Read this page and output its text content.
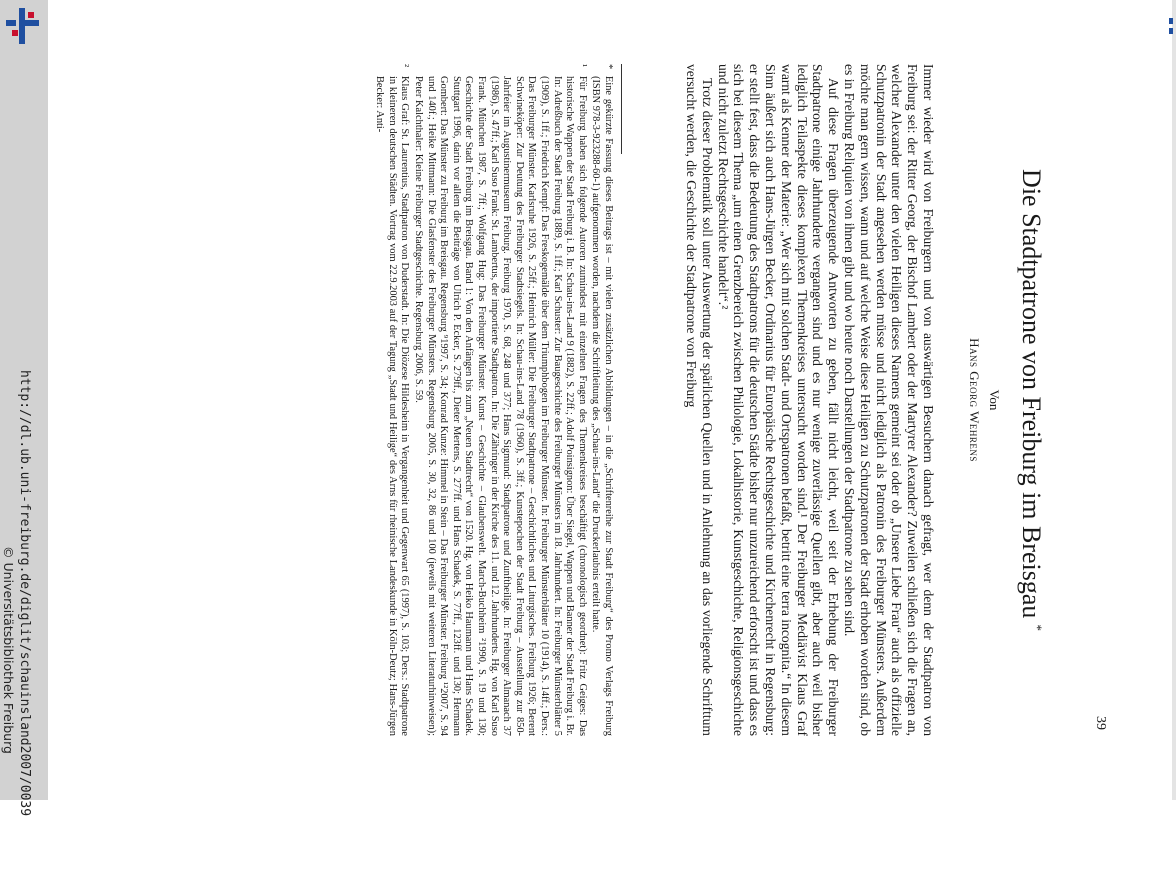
http://dl.ub.uni-freiburg.de/diglit/schauinsland2007/0039
© Universitätsbibliothek Freiburg	39
Die Stadtpatrone von Freiburg im Breisgau*
Von
Hans Georg Wehrens

Immer wieder wird von Freiburgern und von auswärtigen Besuchern danach gefragt, wer denn der Stadtpatron von Freiburg sei: der Ritter Georg, der Bischof Lambert oder der Martyrer Alexander? Zuweilen schließen sich die Fragen an, welcher Alexander unter den vielen Heiligen dieses Namens gemeint sei oder ob „Unsere Liebe Frau“ auch als offizielle Schutzpatronin der Stadt angesehen werden müsse und nicht lediglich als Patronin des Freiburger Münsters. Außerdem möchte man gern wissen, wann und auf welche Weise diese Heiligen zu Schutzpatronen der Stadt erhoben worden sind, ob es in Freiburg Reliquien von ihnen gibt und wo heute noch Darstellungen der Stadtpatrone zu sehen sind.

Auf diese Fragen überzeugende Antworten zu geben, fällt nicht leicht, weil seit der Erhebung der Freiburger Stadtpatrone einige Jahrhunderte vergangen sind und es nur wenige zuverlässige Quellen gibt, aber auch weil bisher lediglich Teilaspekte dieses komplexen Themenkreises untersucht worden sind.¹ Der Freiburger Mediävist Klaus Graf warnt als Kenner der Materie: „Wer sich mit solchen Stadt- und Ortspatronen befaßt, betritt eine terra incognita.“ In diesem Sinn äußert sich auch Hans-Jürgen Becker, Ordinarius für Europäische Rechtsgeschichte und Kirchenrecht in Regensburg: er stellt fest, dass die Bedeutung des Stadtpatrons für die deutschen Städte bisher nur unzureichend erforscht ist und dass es sich bei diesem Thema „um einen Grenzbereich zwischen Philologie, Lokalhistorie, Kunstgeschichte, Religionsgeschichte und nicht zuletzt Rechtsgeschichte handelt“.²

Trotz dieser Problematik soll unter Auswertung der spärlichen Quellen und in Anlehnung an das vorliegende Schrifttum versucht werden, die Geschichte der Stadtpatrone von Freiburg

*Eine gekürzte Fassung dieses Beitrags ist – mit vielen zusätzlichen Abbildungen – in die „Schriftenreihe zur Stadt Freiburg“ des Promo Verlags Freiburg (ISBN 978-3-923288-60-1) aufgenommen worden, nachdem die Schriftleitung des „Schau-ins-Land“ die Druckerlaubnis erteilt hatte.

¹Für Freiburg haben sich folgende Autoren zumindest mit einzelnen Fragen des Themenkreises beschäftigt (chronologisch geordnet): Fritz Geiges: Das historische Wappen der Stadt Freiburg i. B. In: Schau-ins-Land 9 (1882), S. 22ff.; Adolf Poinsignon: Über Siegel, Wappen und Banner der Stadt Freiburg i. Br. In: Adreßbuch der Stadt Freiburg 1889, S. 1ff.; Karl Schuster: Zur Baugeschichte des Freiburger Münsters im 18. Jahrhundert. In: Freiburger Münsterblätter 5 (1909), S. 1ff.; Friedrich Kempf: Das Freskogemälde über dem Triumphbogen im Freiburger Münster. In: Freiburger Münsterblätter 10 (1914), S. 14ff.; Ders.: Das Freiburger Münster. Karlsruhe 1926, S. 25ff.; Heinrich Müller: Die Freiburger Stadtpatrone – Geschichtliches und Liturgisches. Freiburg 1926; Berent Schwineköper: Zur Deutung des Freiburger Stadtsiegels. In: Schau-ins-Land 78 (1960), S. 3ff.; Kunstepochen der Stadt Freiburg – Ausstellung zur 850-Jahrfeier im Augustinermuseum Freiburg. Freiburg 1970, S. 68, 248 und 377; Hans Sigmund: Stadtpatrone und Zunftheilige. In: Freiburger Almanach 37 (1986), S. 47ff.; Karl Suso Frank: St. Lambertus, der importierte Stadtpatron. In: Die Zähringer in der Kirche des 11. und 12. Jahrhunderts. Hg. von Karl Suso Frank. München 1987, S. 7ff.; Wolfgang Hug: Das Freiburger Münster. Kunst – Geschichte – Glaubenswelt. March-Buchheim ²1990, S. 19 und 130; Geschichte der Stadt Freiburg im Breisgau. Band 1: Von den Anfängen bis zum „Neuen Stadtrecht“ von 1520. Hg. von Heiko Haumann und Hans Schadek. Stuttgart 1996, darin vor allem die Beiträge von Ulrich P. Ecker, S. 279ff., Dieter Mertens, S. 277ff. und Hans Schadek, S. 77ff., 123ff. und 130; Hermann Gombert: Das Münster zu Freiburg im Breisgau. Regensburg ⁹1997, S. 34; Konrad Kunze: Himmel in Stein – Das Freiburger Münster. Freiburg ¹²2007, S. 94 und 140f.; Heike Mittmann: Die Glasfenster des Freiburger Münsters. Regensburg 2005, S. 30, 32, 86 und 100 (jeweils mit weiteren Literaturhinweisen); Peter Kalchthaler: Kleine Freiburger Stadtgeschichte. Regensburg 2006, S. 59.

²Klaus Graf: St. Laurentius, Stadtpatron von Duderstadt. In: Die Diözese Hildesheim in Vergangenheit und Gegenwart 65 (1997), S. 103; Ders.: Stadtpatrone in kleineren deutschen Städten. Vortrag vom 22.9.2003 auf der Tagung „Stadt und Heilige“ des Arns für rheinische Landeskunde in Köln-Deutz; Hans-Jürgen Becker: Anti-
